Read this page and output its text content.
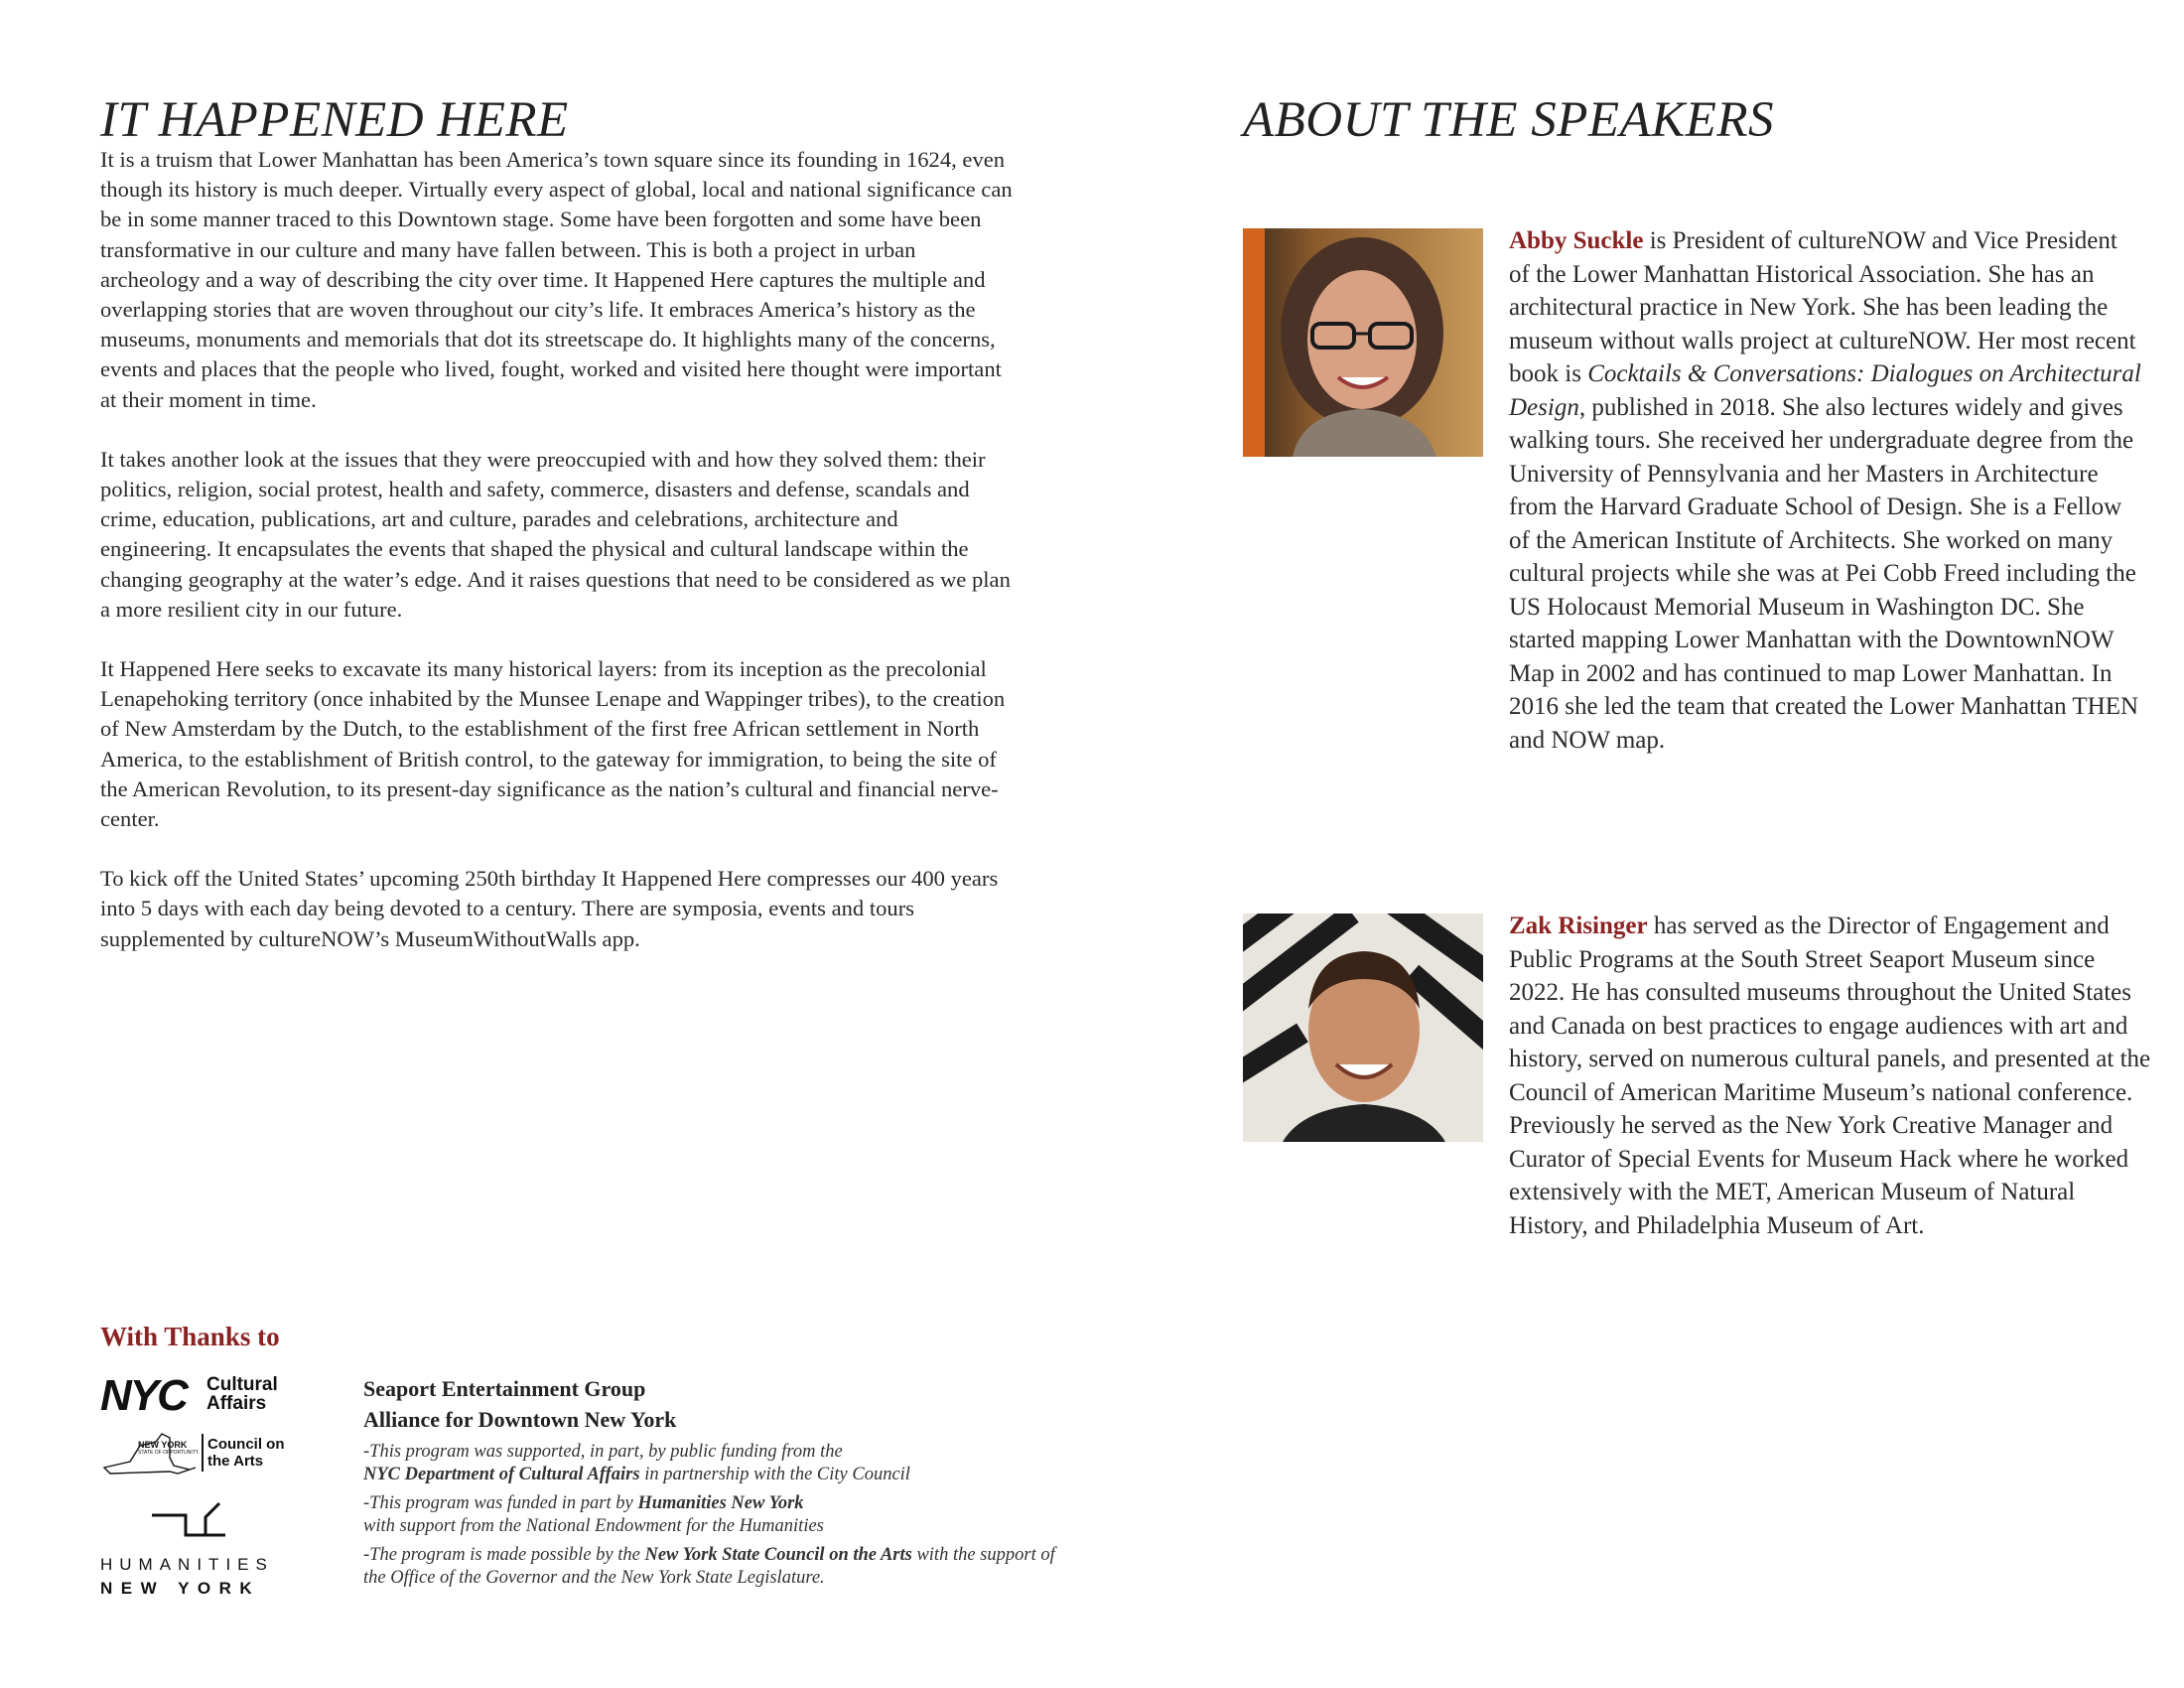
IT HAPPENED HERE

It is a truism that Lower Manhattan has been America’s town square since its founding in 1624, even though its history is much deeper. Virtually every aspect of global, local and national significance can be in some manner traced to this Downtown stage. Some have been forgotten and some have been transformative in our culture and many have fallen between. This is both a project in urban archeology and a way of describing the city over time. It Happened Here captures the multiple and overlapping stories that are woven throughout our city’s life. It embraces America’s history as the museums, monuments and memorials that dot its streetscape do. It highlights many of the concerns, events and places that the people who lived, fought, worked and visited here thought were important at their moment in time.

It takes another look at the issues that they were preoccupied with and how they solved them: their politics, religion, social protest, health and safety, commerce, disasters and defense, scandals and crime, education, publications, art and culture, parades and celebrations, architecture and engineering. It encapsulates the events that shaped the physical and cultural landscape within the changing geography at the water’s edge. And it raises questions that need to be considered as we plan a more resilient city in our future.

It Happened Here seeks to excavate its many historical layers: from its inception as the precolonial Lenapehoking territory (once inhabited by the Munsee Lenape and Wappinger tribes), to the creation of New Amsterdam by the Dutch, to the establishment of the first free African settlement in North America, to the establishment of British control, to the gateway for immigration, to being the site of the American Revolution, to its present-day significance as the nation’s cultural and financial nerve-center.

To kick off the United States’ upcoming 250th birthday It Happened Here compresses our 400 years into 5 days with each day being devoted to a century. There are symposia, events and tours supplemented by cultureNOW’s MuseumWithoutWalls app.

With Thanks to
NYC Cultural
Affairs
NEW YORK
STATE OF OPPORTUNITY. Council on
the Arts
HUMANITIES
NEW YORK
Seaport Entertainment Group
Alliance for Downtown New York
-This program was supported, in part, by public funding from the
NYC Department of Cultural Affairs in partnership with the City Council
-This program was funded in part by Humanities New York
with support from the National Endowment for the Humanities
-The program is made possible by the New York State Council on the Arts with the support of the Office of the Governor and the New York State Legislature.
ABOUT THE SPEAKERS
Abby Suckle is President of cultureNOW and Vice President of the Lower Manhattan Historical Association. She has an architectural practice in New York. She has been leading the museum without walls project at cultureNOW. Her most recent book is Cocktails & Conversations: Dialogues on Architectural Design, published in 2018. She also lectures widely and gives walking tours. She received her undergraduate degree from the University of Pennsylvania and her Masters in Architecture from the Harvard Graduate School of Design. She is a Fellow of the American Institute of Architects. She worked on many cultural projects while she was at Pei Cobb Freed including the US Holocaust Memorial Museum in Washington DC. She started mapping Lower Manhattan with the DowntownNOW Map in 2002 and has continued to map Lower Manhattan. In 2016 she led the team that created the Lower Manhattan THEN and NOW map.
Zak Risinger has served as the Director of Engagement and Public Programs at the South Street Seaport Museum since 2022. He has consulted museums throughout the United States and Canada on best practices to engage audiences with art and history, served on numerous cultural panels, and presented at the Council of American Maritime Museum’s national conference. Previously he served as the New York Creative Manager and Curator of Special Events for Museum Hack where he worked extensively with the MET, American Museum of Natural History, and Philadelphia Museum of Art.
